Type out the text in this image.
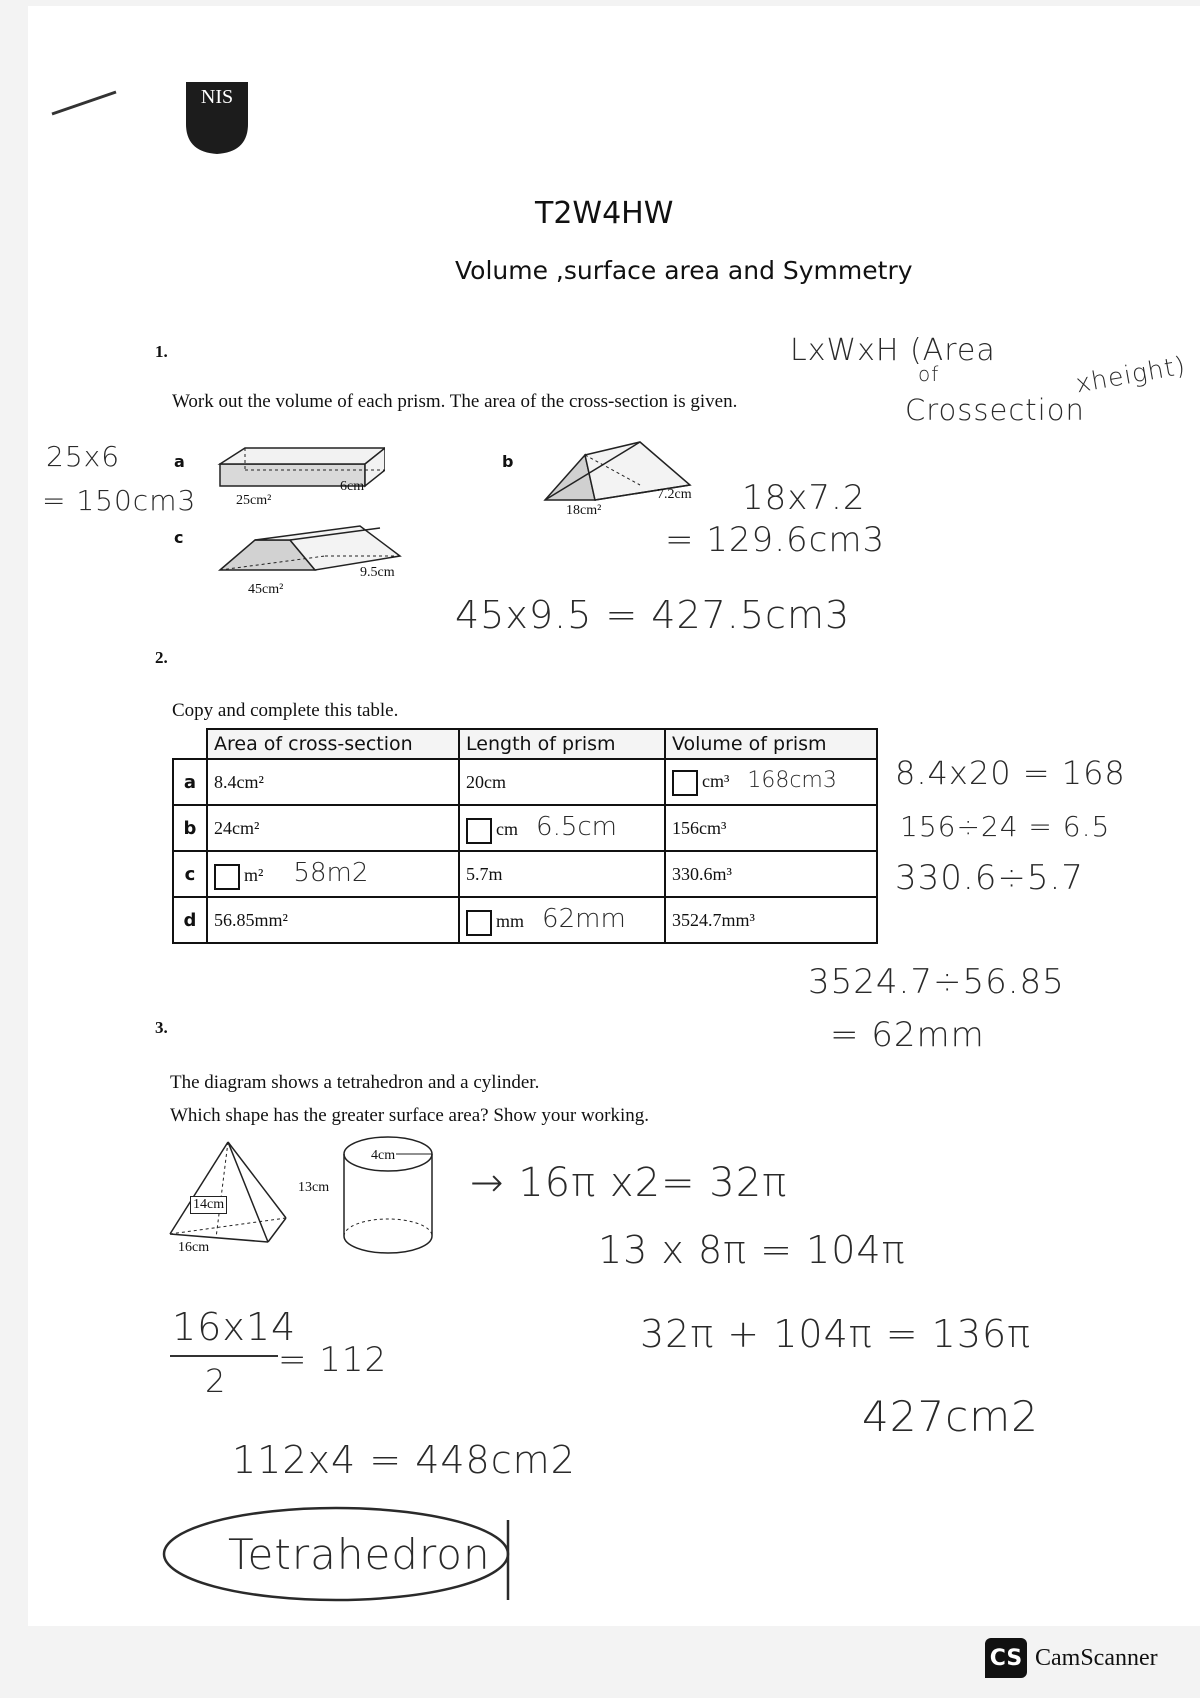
NIS
T2W4HW
Volume ,surface area and Symmetry
1.
Work out the volume of each prism. The area of the cross-section is given.
LxWxH (Area
of
Crossection
xheight)
25x6
= 150cm3
a	b
c
25cm²
6cm
18cm²
7.2cm 18x7.2
= 129.6cm3
45cm²
9.5cm
45x9.5 = 427.5cm3
2.
Copy and complete this table.
	Area of cross-section	Length of prism	Volume of prism
a	8.4cm²	20cm	cm³ 168cm3
b	24cm²	cm 6.5cm	156cm³
c	m² 58m2	5.7m	330.6m³
d	56.85mm²	mm 62mm	3524.7mm³
8.4x20 = 168
156÷24 = 6.5
330.6÷5.7
3524.7÷56.85
= 62mm
3.
The diagram shows a tetrahedron and a cylinder.
Which shape has the greater surface area? Show your working.
14cm
16cm
4cm
13cm	→ 16π x2= 32π
13 x 8π = 104π
16x14
2
= 112
32π + 104π = 136π
427cm2
112x4 = 448cm2
Tetrahedron
CS CamScanner
